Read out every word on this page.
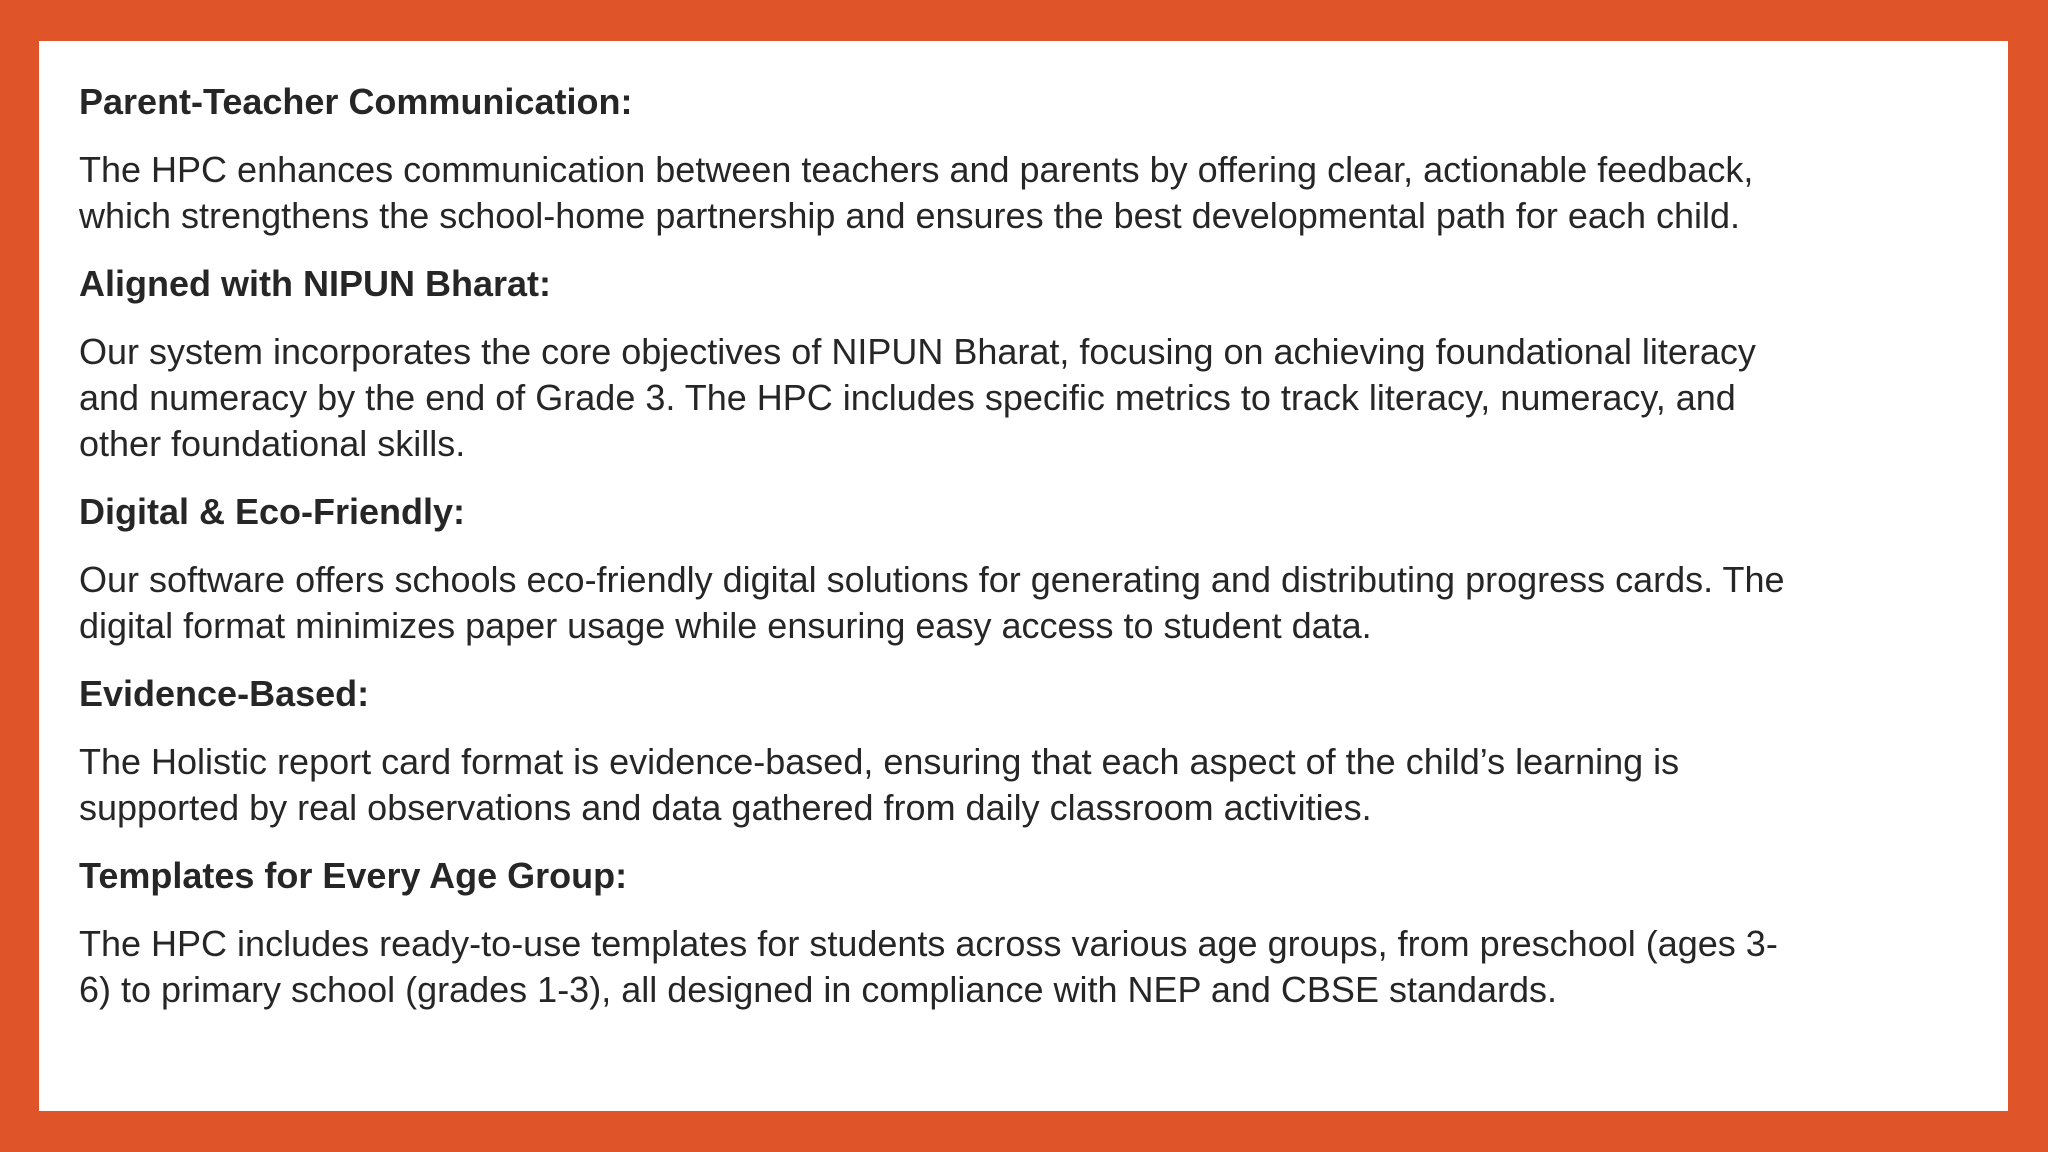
Parent-Teacher Communication:

The HPC enhances communication between teachers and parents by offering clear, actionable feedback,
which strengthens the school-home partnership and ensures the best developmental path for each child.

Aligned with NIPUN Bharat:

Our system incorporates the core objectives of NIPUN Bharat, focusing on achieving foundational literacy
and numeracy by the end of Grade 3. The HPC includes specific metrics to track literacy, numeracy, and
other foundational skills.

Digital & Eco-Friendly:

Our software offers schools eco-friendly digital solutions for generating and distributing progress cards. The
digital format minimizes paper usage while ensuring easy access to student data.

Evidence-Based:

The Holistic report card format is evidence-based, ensuring that each aspect of the child’s learning is
supported by real observations and data gathered from daily classroom activities.

Templates for Every Age Group:

The HPC includes ready-to-use templates for students across various age groups, from preschool (ages 3-
6) to primary school (grades 1-3), all designed in compliance with NEP and CBSE standards.
